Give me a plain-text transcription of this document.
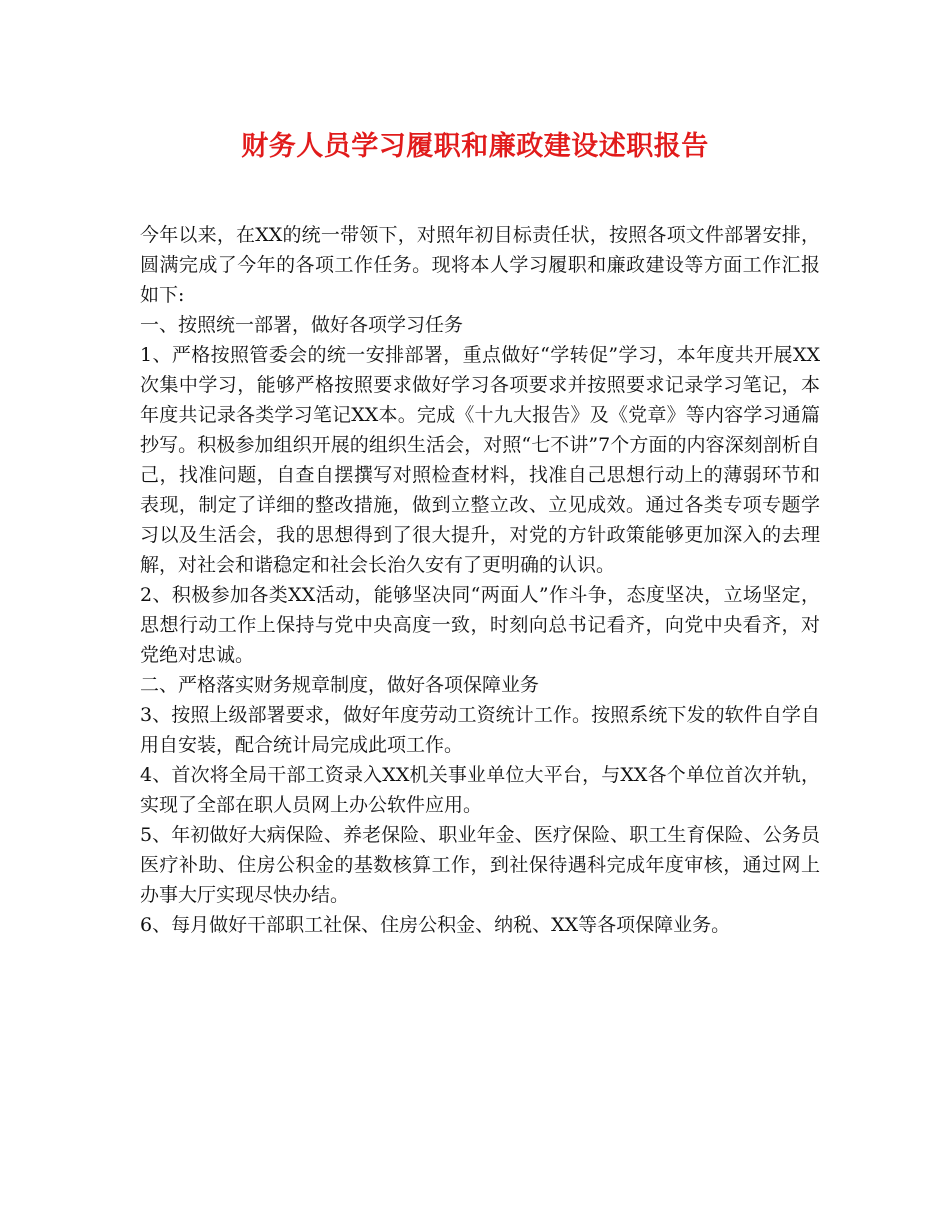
财务人员学习履职和廉政建设述职报告

今年以来，在XX的统一带领下，对照年初目标责任状，按照各项文件部署安排，圆满完成了今年的各项工作任务。现将本人学习履职和廉政建设等方面工作汇报如下:

一、按照统一部署，做好各项学习任务

1、严格按照管委会的统一安排部署，重点做好“学转促”学习，本年度共开展XX次集中学习，能够严格按照要求做好学习各项要求并按照要求记录学习笔记，本年度共记录各类学习笔记XX本。完成《十九大报告》及《党章》等内容学习通篇抄写。积极参加组织开展的组织生活会，对照“七不讲”7个方面的内容深刻剖析自己，找准问题，自查自摆撰写对照检查材料，找准自己思想行动上的薄弱环节和表现，制定了详细的整改措施，做到立整立改、立见成效。通过各类专项专题学习以及生活会，我的思想得到了很大提升，对党的方针政策能够更加深入的去理解，对社会和谐稳定和社会长治久安有了更明确的认识。

2、积极参加各类XX活动，能够坚决同“两面人”作斗争，态度坚决，立场坚定，思想行动工作上保持与党中央高度一致，时刻向总书记看齐，向党中央看齐，对党绝对忠诚。

二、严格落实财务规章制度，做好各项保障业务

3、按照上级部署要求，做好年度劳动工资统计工作。按照系统下发的软件自学自用自安装，配合统计局完成此项工作。

4、首次将全局干部工资录入XX机关事业单位大平台，与XX各个单位首次并轨，实现了全部在职人员网上办公软件应用。

5、年初做好大病保险、养老保险、职业年金、医疗保险、职工生育保险、公务员医疗补助、住房公积金的基数核算工作，到社保待遇科完成年度审核，通过网上办事大厅实现尽快办结。

6、每月做好干部职工社保、住房公积金、纳税、XX等各项保障业务。
